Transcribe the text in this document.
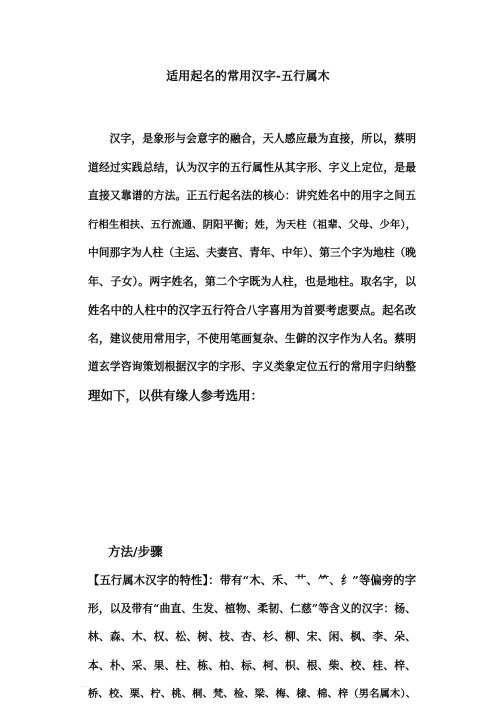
适用起名的常用汉字-五行属木
汉字，是象形与会意字的融合，天人感应最为直接，所以，蔡明
道经过实践总结，认为汉字的五行属性从其字形、字义上定位，是最
直接又靠谱的方法。正五行起名法的核心：讲究姓名中的用字之间五
行相生相扶、五行流通、阴阳平衡；姓，为天柱（祖辈、父母、少年），
中间那字为人柱（主运、夫妻宫、青年、中年）、第三个字为地柱（晚
年、子女）。两字姓名，第二个字既为人柱，也是地柱。取名字，以
姓名中的人柱中的汉字五行符合八字喜用为首要考虑要点。起名改
名，建议使用常用字，不使用笔画复杂、生僻的汉字作为人名。蔡明
道玄学咨询策划根据汉字的字形、字义类象定位五行的常用字归纳整
理如下，以供有缘人参考选用：
方法/步骤
【五行属木汉字的特性】：带有“木、禾、艹、⺮、纟”等偏旁的字
形，以及带有“曲直、生发、植物、柔韧、仁慈”等含义的汉字：杨、
林、森、木、权、松、树、枝、杏、杉、柳、宋、闲、枫、李、朵、
本、朴、采、果、柱、栋、柏、标、柯、枳、根、柴、校、桂、梓、
桥、校、栗、柠、桃、桐、梵、检、梁、梅、棣、棉、梓（男名属木）、
····
